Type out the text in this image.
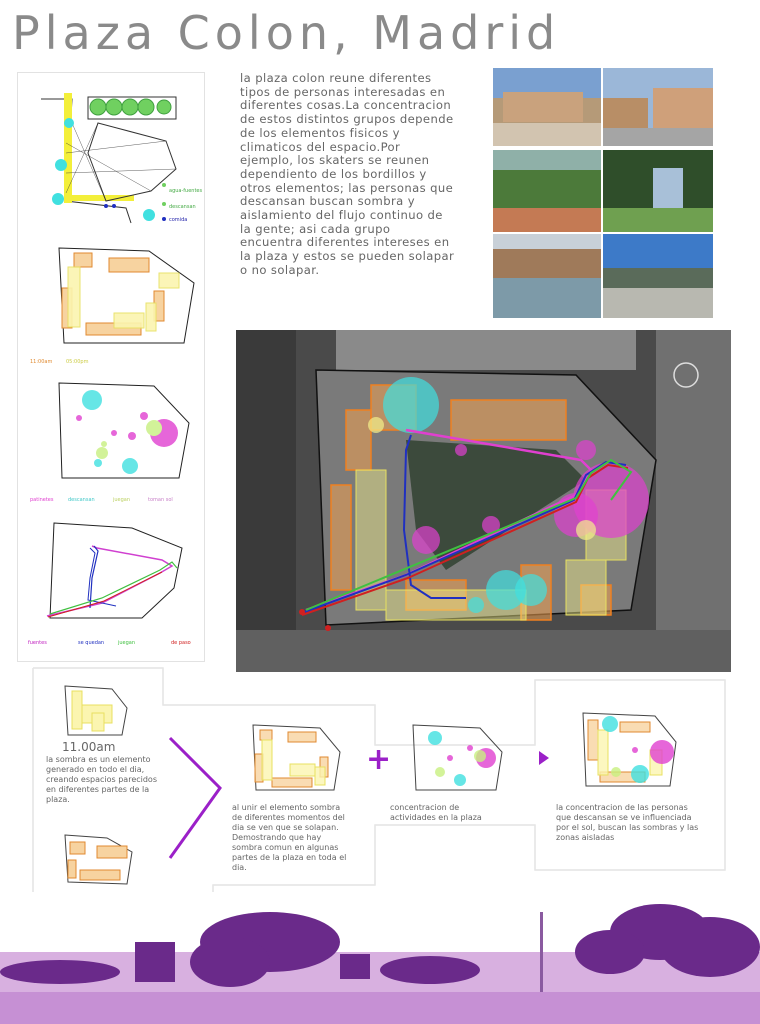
Plaza Colon, Madrid
agua-fuentes
descansan
comida
11:00am	05:00pm
patinetes	descansan	juegan	toman sol
fuentes	se quedan	juegan	de paso
la plaza colon reune diferentes tipos de personas interesadas en diferentes cosas.La concentracion de estos distintos grupos depende de los elementos fisicos y climaticos del espacio.Por ejemplo, los skaters se reunen dependiento de los bordillos y otros elementos; las personas que descansan buscan sombra y aislamiento del flujo continuo de la gente; asi cada grupo encuentra diferentes intereses en la plaza y estos se pueden solapar o no solapar.
11.00am
la sombra es un elemento generado en todo el dia, creando espacios parecidos en diferentes partes de la plaza.
al unir el elemento sombra de diferentes momentos del dia se ven que se solapan. Demostrando que hay sombra comun en algunas partes de la plaza en toda el dia.
+
concentracion de actividades en la plaza
la concentracion de las personas que descansan se ve influenciada por el sol, buscan las sombras y las zonas aisladas
